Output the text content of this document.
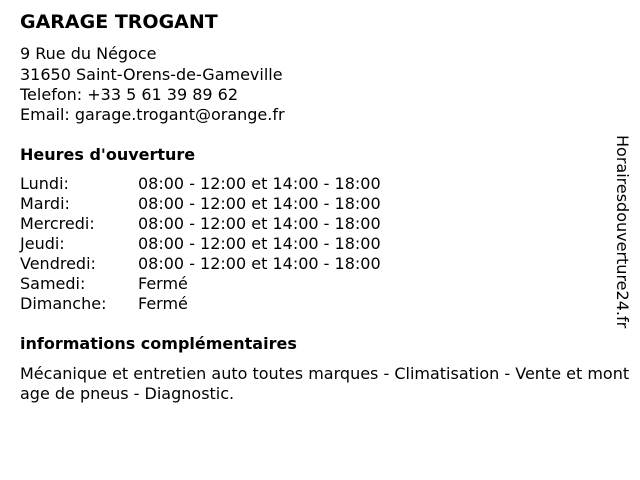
GARAGE TROGANT
9 Rue du Négoce
31650 Saint-Orens-de-Gameville
Telefon: +33 5 61 39 89 62
Email: garage.trogant@orange.fr
Heures d'ouverture
Lundi:	08:00 - 12:00 et 14:00 - 18:00
Mardi:	08:00 - 12:00 et 14:00 - 18:00
Mercredi:	08:00 - 12:00 et 14:00 - 18:00
Jeudi:	08:00 - 12:00 et 14:00 - 18:00
Vendredi:	08:00 - 12:00 et 14:00 - 18:00
Samedi:	Fermé
Dimanche: Fermé
informations complémentaires
Mécanique et entretien auto toutes marques - Climatisation - Vente et montage de pneus - Diagnostic.
Horairesdouverture24.fr
